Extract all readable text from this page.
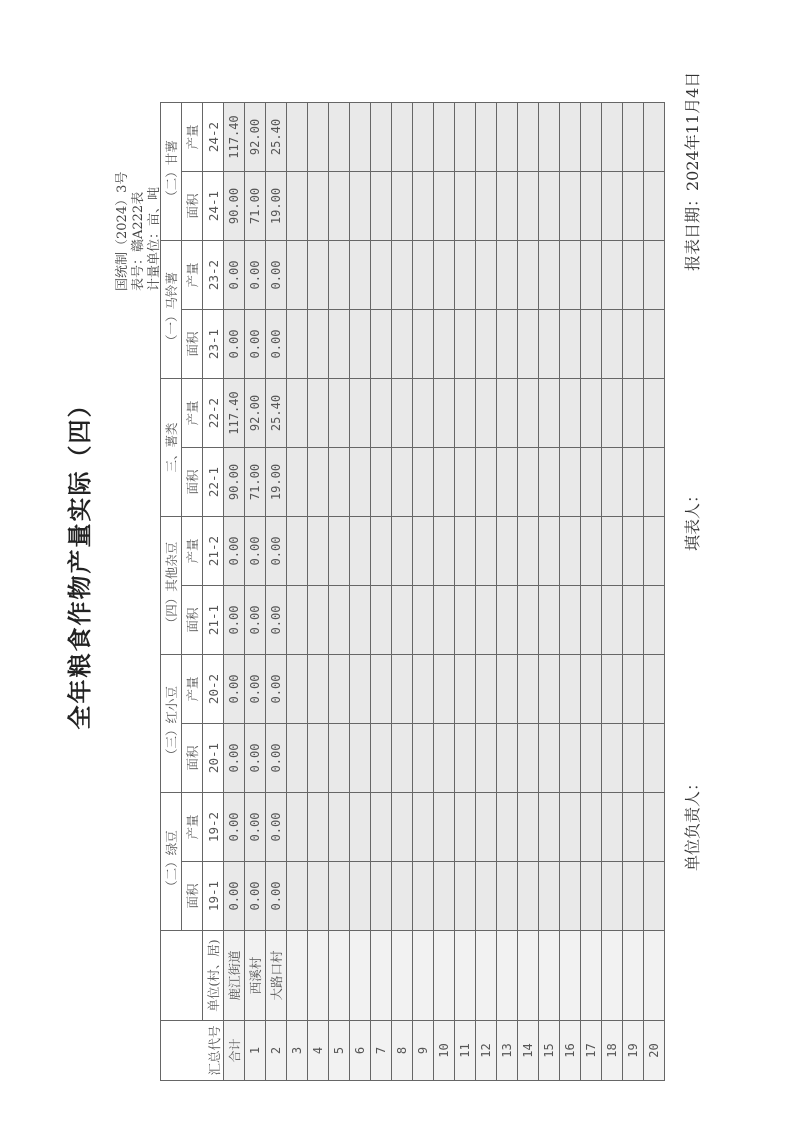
全年粮食作物产量实际（四）
国统制（2024）3号 表号：赣A222表 计量单位：亩、吨
汇总代号		（二）绿豆		（三）红小豆		（四）其他杂豆		三、薯类		（一）马铃薯		（二）甘薯	
		面积	产量	面积	产量	面积	产量	面积	产量	面积	产量	面积	产量
	单位(村、居)	19-1	19-2	20-1	20-2	21-1	21-2	22-1	22-2	23-1	23-2	24-1	24-2
合计	鹿江街道	0.00	0.00	0.00	0.00	0.00	0.00	90.00	117.40	0.00	0.00	90.00	117.40
1	西溪村	0.00	0.00	0.00	0.00	0.00	0.00	71.00	92.00	0.00	0.00	71.00	92.00
2	大路口村	0.00	0.00	0.00	0.00	0.00	0.00	19.00	25.40	0.00	0.00	19.00	25.40
3													
4													
5													
6													
7													
8													
9													
10													
11													
12													
13													
14													
15													
16													
17													
18													
19													
20													
单位负责人：
填表人：
报表日期：2024年11月4日
